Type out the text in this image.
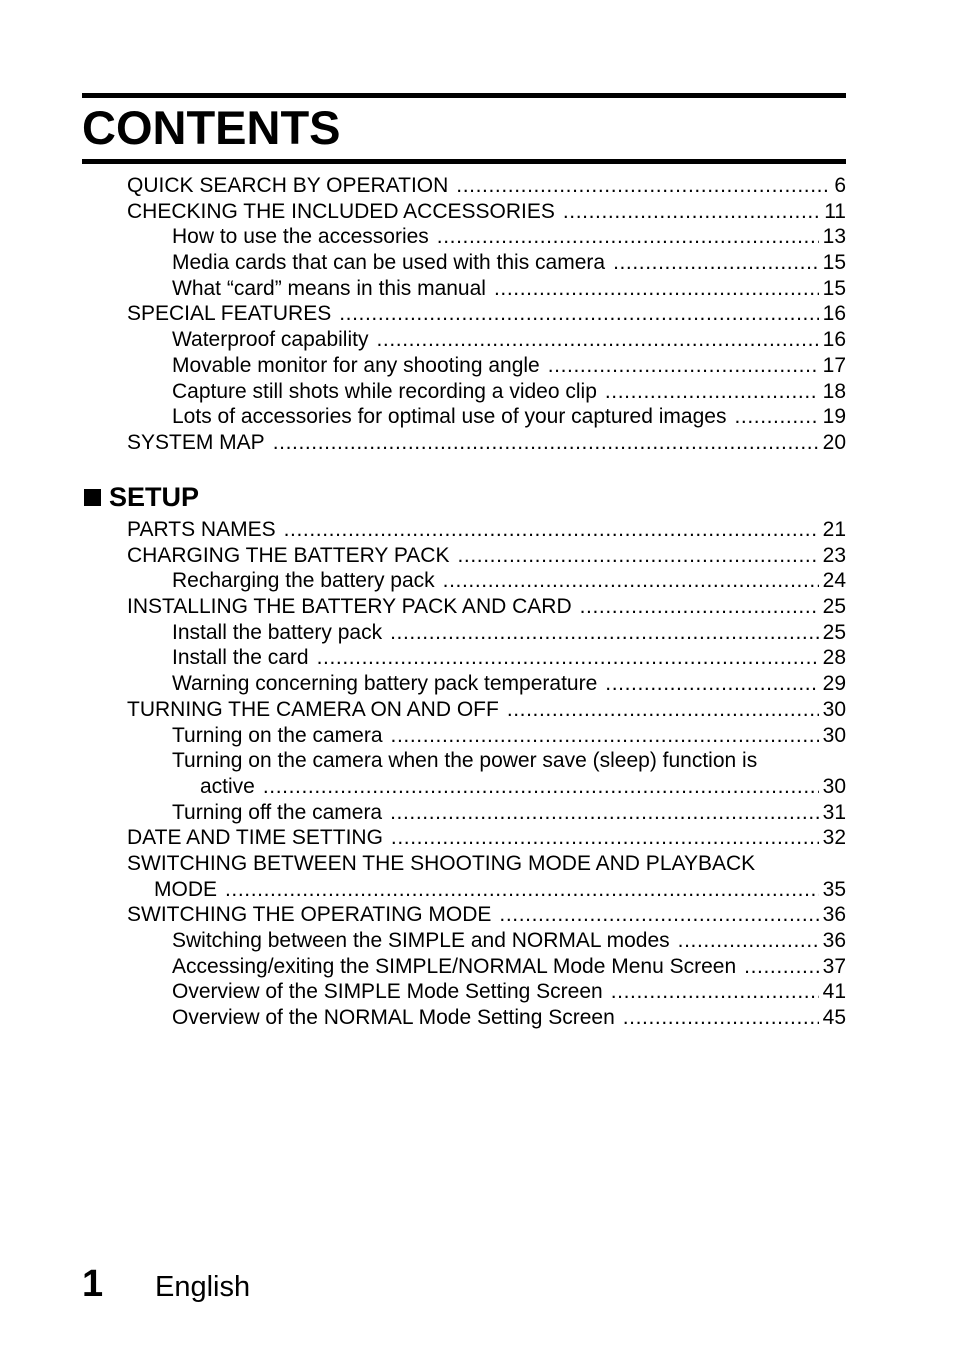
CONTENTS
QUICK SEARCH BY OPERATION .....	6
CHECKING THE INCLUDED ACCESSORIES .....	11
How to use the accessories .....	13
Media cards that can be used with this camera .....	15
What “card” means in this manual .....	15
SPECIAL FEATURES .....	16
Waterproof capability .....	16
Movable monitor for any shooting angle .....	17
Capture still shots while recording a video clip .....	18
Lots of accessories for optimal use of your captured images .....	19
SYSTEM MAP .....	20
SETUP
PARTS NAMES .....	21
CHARGING THE BATTERY PACK .....	23
Recharging the battery pack .....	24
INSTALLING THE BATTERY PACK AND CARD .....	25
Install the battery pack .....	25
Install the card .....	28
Warning concerning battery pack temperature .....	29
TURNING THE CAMERA ON AND OFF .....	30
Turning on the camera .....	30
Turning on the camera when the power save (sleep) function is
active .....	30
Turning off the camera .....	31
DATE AND TIME SETTING .....	32
SWITCHING BETWEEN THE SHOOTING MODE AND PLAYBACK
MODE .....	35
SWITCHING THE OPERATING MODE .....	36
Switching between the SIMPLE and NORMAL modes .....	36
Accessing/exiting the SIMPLE/NORMAL Mode Menu Screen .....	37
Overview of the SIMPLE Mode Setting Screen .....	41
Overview of the NORMAL Mode Setting Screen .....	45
1 English
